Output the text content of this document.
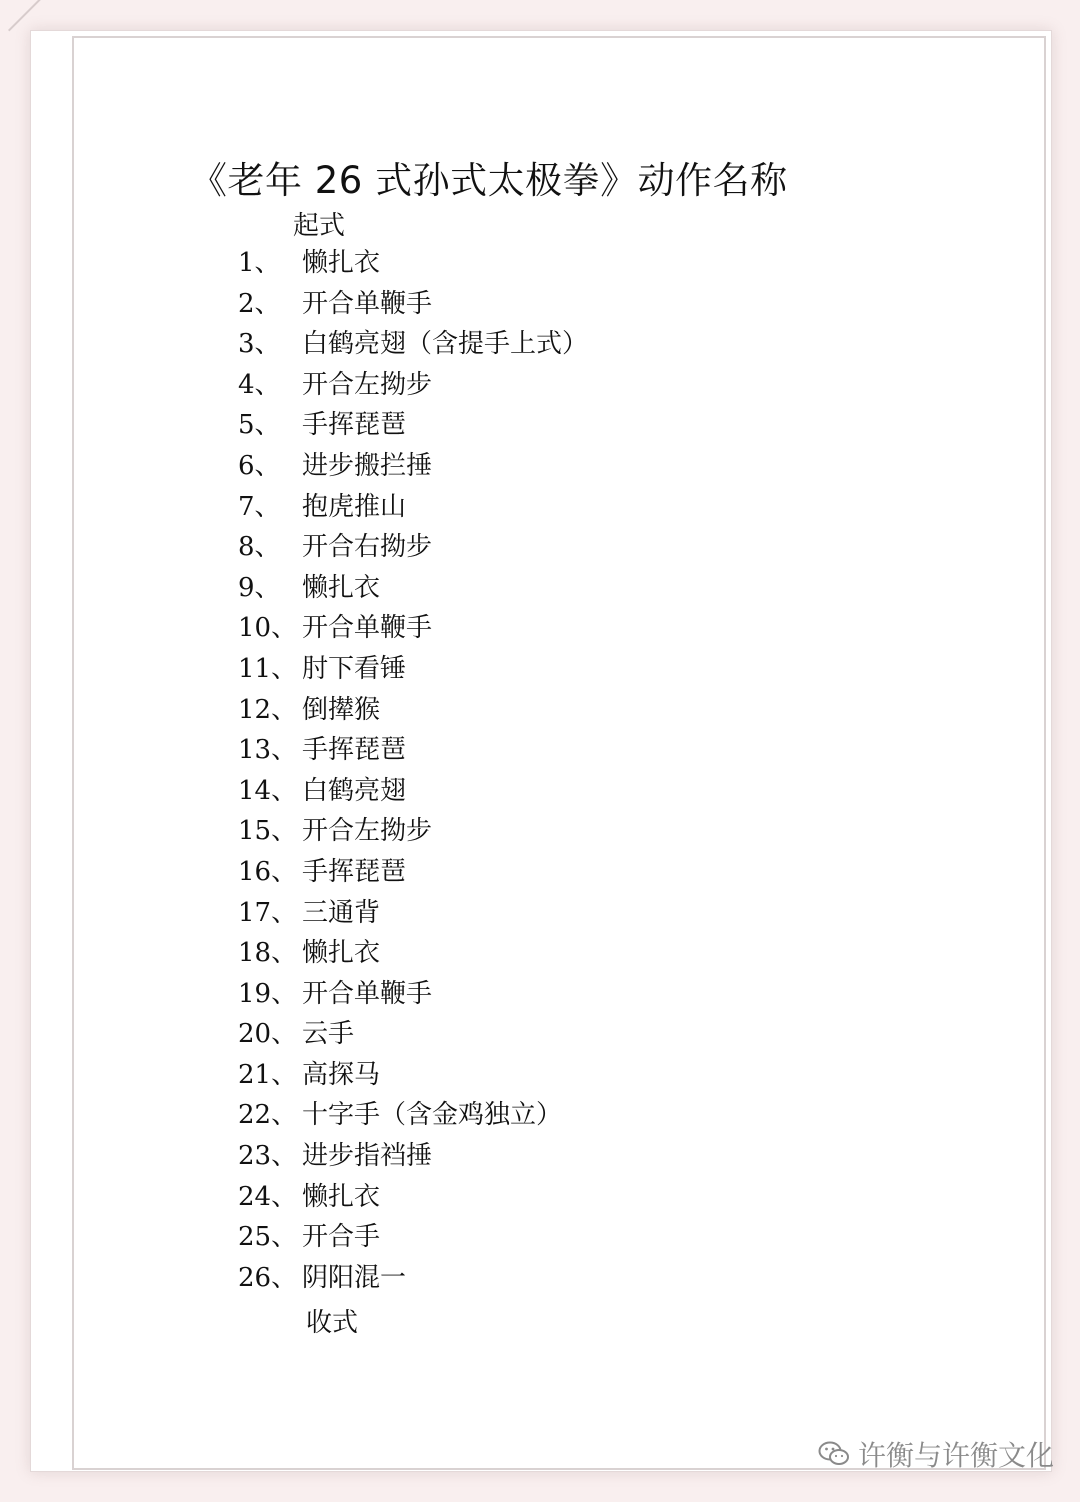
《老年 26 式孙式太极拳》动作名称
起式
1、 懒扎衣
2、 开合单鞭手
3、 白鹤亮翅（含提手上式）
4、 开合左拗步
5、 手挥琵琶
6、 进步搬拦捶
7、 抱虎推山
8、 开合右拗步
9、 懒扎衣
10、 开合单鞭手
11、 肘下看锤
12、 倒撵猴
13、 手挥琵琶
14、 白鹤亮翅
15、 开合左拗步
16、 手挥琵琶
17、 三通背
18、 懒扎衣
19、 开合单鞭手
20、 云手
21、 高探马
22、 十字手（含金鸡独立）
23、 进步指裆捶
24、 懒扎衣
25、 开合手
26、 阴阳混一
收式
许衡与许衡文化
